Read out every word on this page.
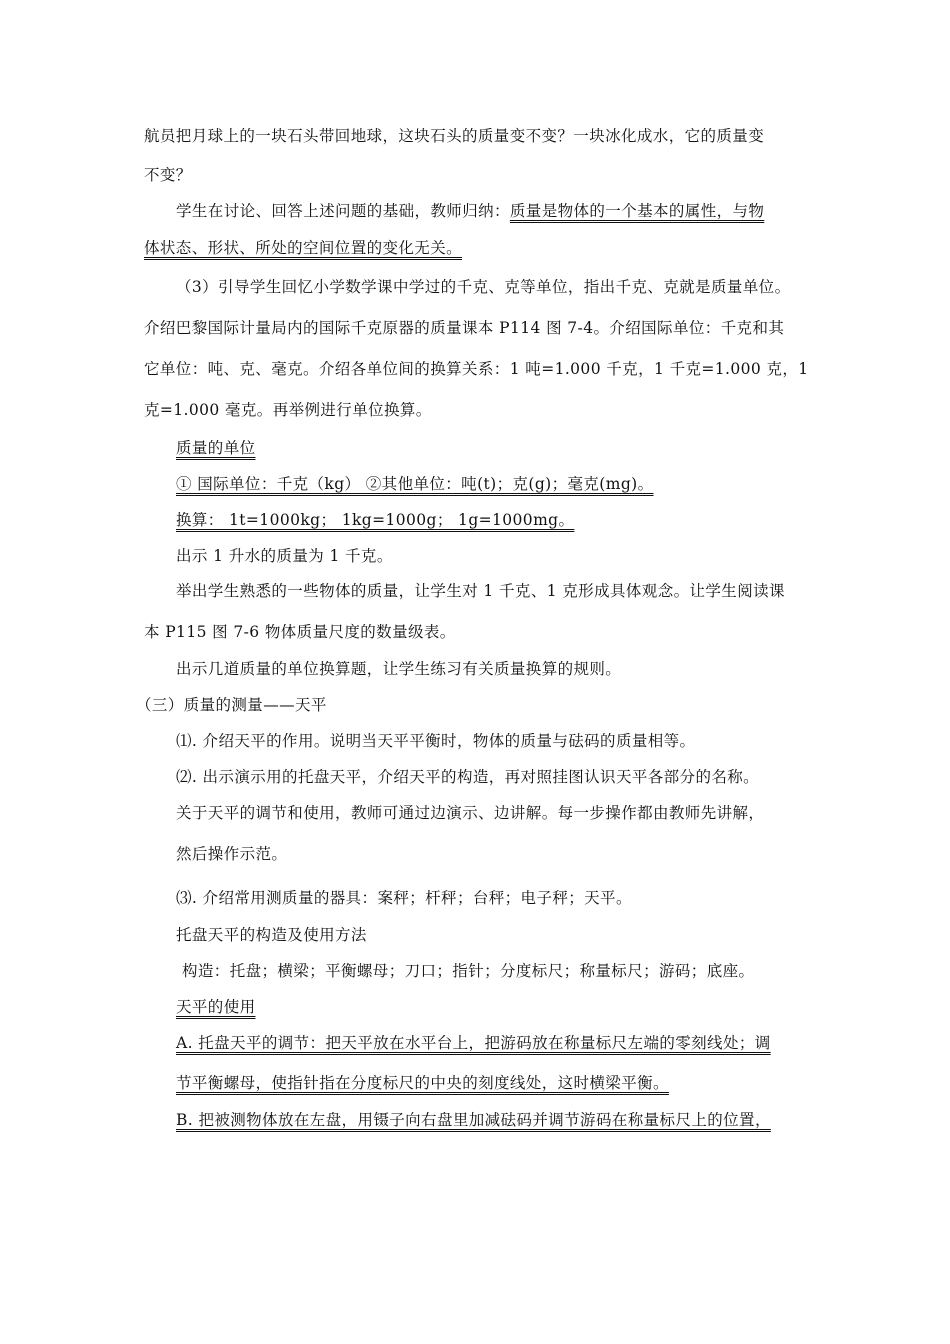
航员把月球上的一块石头带回地球，这块石头的质量变不变？一块冰化成水，它的质量变
不变？
学生在讨论、回答上述问题的基础，教师归纳：质量是物体的一个基本的属性，与物
体状态、形状、所处的空间位置的变化无关。
（3）引导学生回忆小学数学课中学过的千克、克等单位，指出千克、克就是质量单位。
介绍巴黎国际计量局内的国际千克原器的质量课本 P114 图 7-4。介绍国际单位：千克和其
它单位：吨、克、毫克。介绍各单位间的换算关系：1 吨=1.000 千克，1 千克=1.000 克，1
克=1.000 毫克。再举例进行单位换算。
质量的单位
① 国际单位：千克（kg） ②其他单位：吨(t)；克(g)；毫克(mg)。
换算： 1t=1000kg； 1kg=1000g； 1g=1000mg。
出示 1 升水的质量为 1 千克。
举出学生熟悉的一些物体的质量，让学生对 1 千克、1 克形成具体观念。让学生阅读课
本 P115 图 7-6 物体质量尺度的数量级表。
出示几道质量的单位换算题，让学生练习有关质量换算的规则。
（三）质量的测量——天平
⑴. 介绍天平的作用。说明当天平平衡时，物体的质量与砝码的质量相等。
⑵. 出示演示用的托盘天平，介绍天平的构造，再对照挂图认识天平各部分的名称。
关于天平的调节和使用，教师可通过边演示、边讲解。每一步操作都由教师先讲解，
然后操作示范。
⑶. 介绍常用测质量的器具：案秤；杆秤；台秤；电子秤；天平。
托盘天平的构造及使用方法
构造：托盘；横梁；平衡螺母；刀口；指针；分度标尺；称量标尺；游码；底座。
天平的使用
A. 托盘天平的调节：把天平放在水平台上，把游码放在称量标尺左端的零刻线处；调
节平衡螺母，使指针指在分度标尺的中央的刻度线处，这时横梁平衡。
B. 把被测物体放在左盘，用镊子向右盘里加减砝码并调节游码在称量标尺上的位置，
